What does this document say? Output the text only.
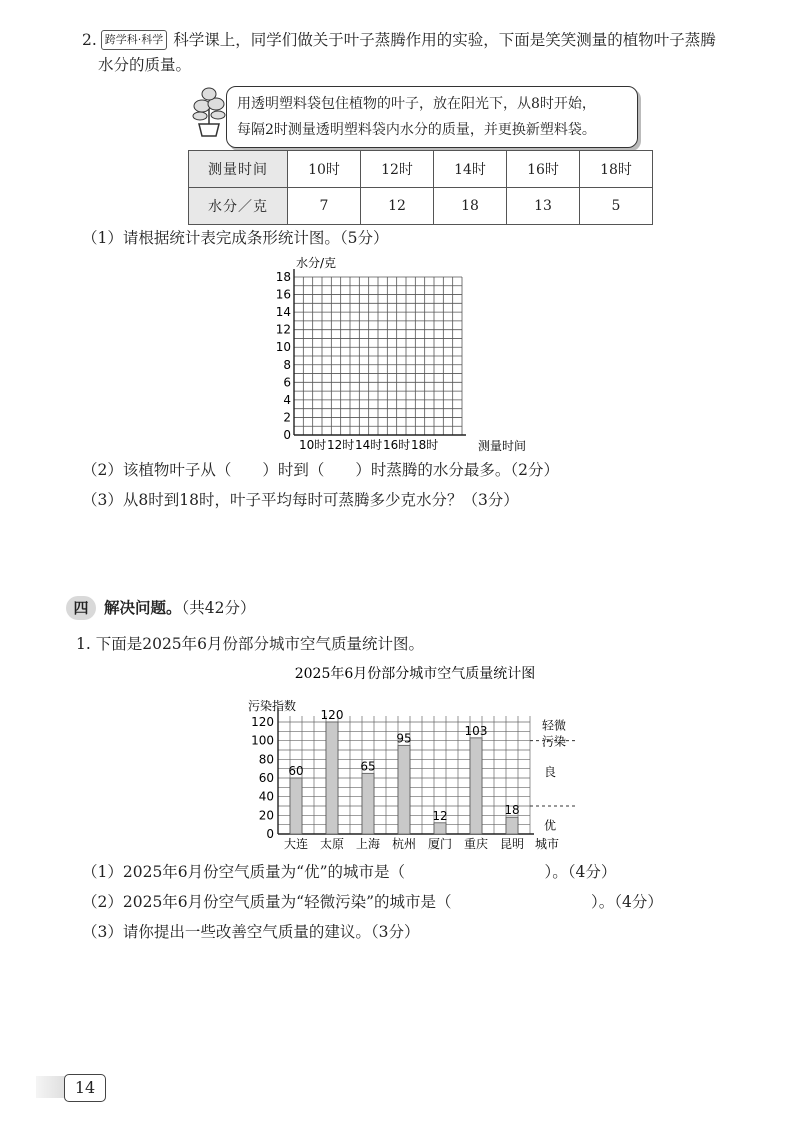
2. 跨学科·科学 科学课上，同学们做关于叶子蒸腾作用的实验，下面是笑笑测量的植物叶子蒸腾
水分的质量。
用透明塑料袋包住植物的叶子，放在阳光下，从8时开始，
每隔2时测量透明塑料袋内水分的质量，并更换新塑料袋。
测量时间	10时	12时	14时	16时	18时
水分／克	7	12	18	13	5
（1）请根据统计表完成条形统计图。（5分）
0
2
4
6
8
10
12
14
16
18
10时 12时 14时 16时 18时
水分/克
测量时间
（2）该植物叶子从（　　）时到（　　）时蒸腾的水分最多。（2分）
（3）从8时到18时，叶子平均每时可蒸腾多少克水分？（3分）
四 解决问题。（共42分）
1. 下面是2025年6月份部分城市空气质量统计图。
2025年6月份部分城市空气质量统计图
污染指数
城市
0
20
40
60
80
100
120	轻微
污染
良
优
60
大连
120
太原
65
上海
95
杭州
12
厦门
103
重庆
18
昆明
（1）2025年6月份空气质量为“优”的城市是（　　　　　　　　　）。（4分）
（2）2025年6月份空气质量为“轻微污染”的城市是（　　　　　　　　　）。（4分）
（3）请你提出一些改善空气质量的建议。（3分）
14
